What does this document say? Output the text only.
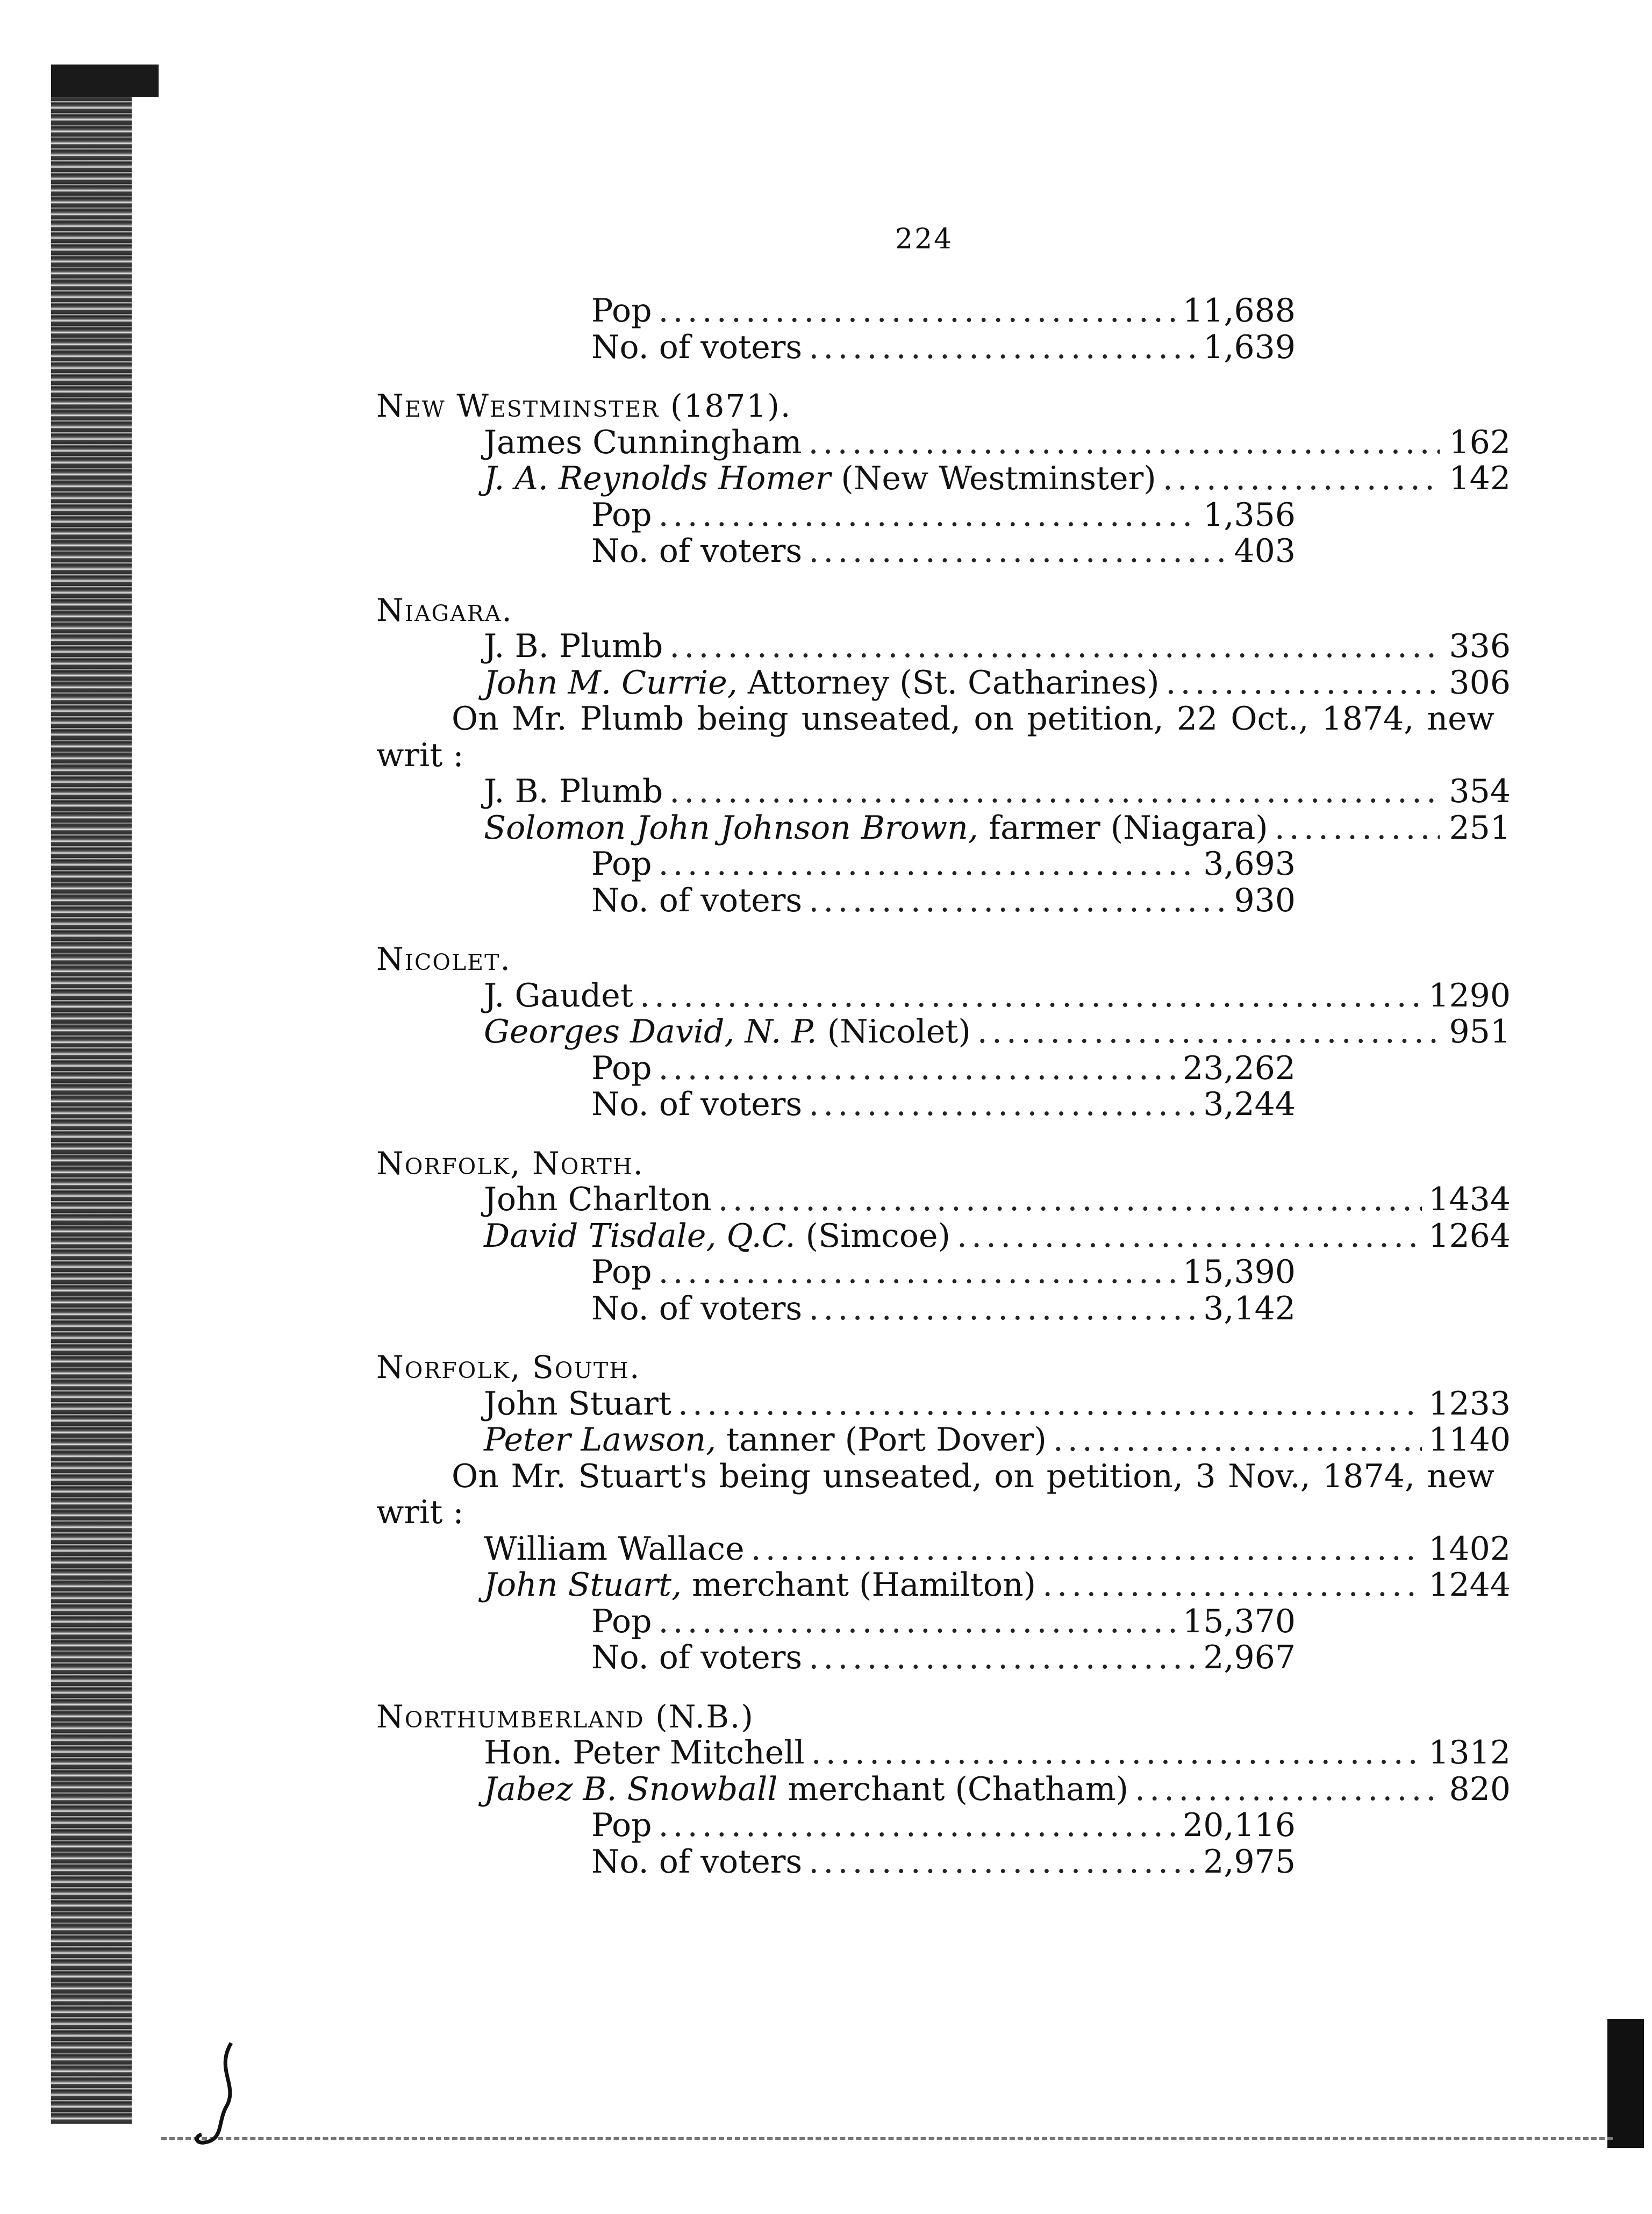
224
Pop .....	11,688
No. of voters .....	1,639
New Westminster (1871).
James Cunningham .....	162
J. A. Reynolds Homer (New Westminster) .....	142
Pop .....	1,356
No. of voters .....	403
Niagara.
J. B. Plumb .....	336
John M. Currie, Attorney (St. Catharines) .....	306
On Mr. Plumb being unseated, on petition, 22 Oct., 1874, new writ :
J. B. Plumb .....	354
Solomon John Johnson Brown, farmer (Niagara) .....	251
Pop .....	3,693
No. of voters .....	930
Nicolet.
J. Gaudet .....	1290
Georges David, N. P. (Nicolet) .....	951
Pop .....	23,262
No. of voters .....	3,244
Norfolk, North.
John Charlton .....	1434
David Tisdale, Q.C. (Simcoe) .....	1264
Pop .....	15,390
No. of voters .....	3,142
Norfolk, South.
John Stuart .....	1233
Peter Lawson, tanner (Port Dover) .....	1140
On Mr. Stuart's being unseated, on petition, 3 Nov., 1874, new writ :
William Wallace .....	1402
John Stuart, merchant (Hamilton) .....	1244
Pop .....	15,370
No. of voters .....	2,967
Northumberland (N.B.)
Hon. Peter Mitchell .....	1312
Jabez B. Snowball merchant (Chatham) .....	820
Pop .....	20,116
No. of voters .....	2,975
